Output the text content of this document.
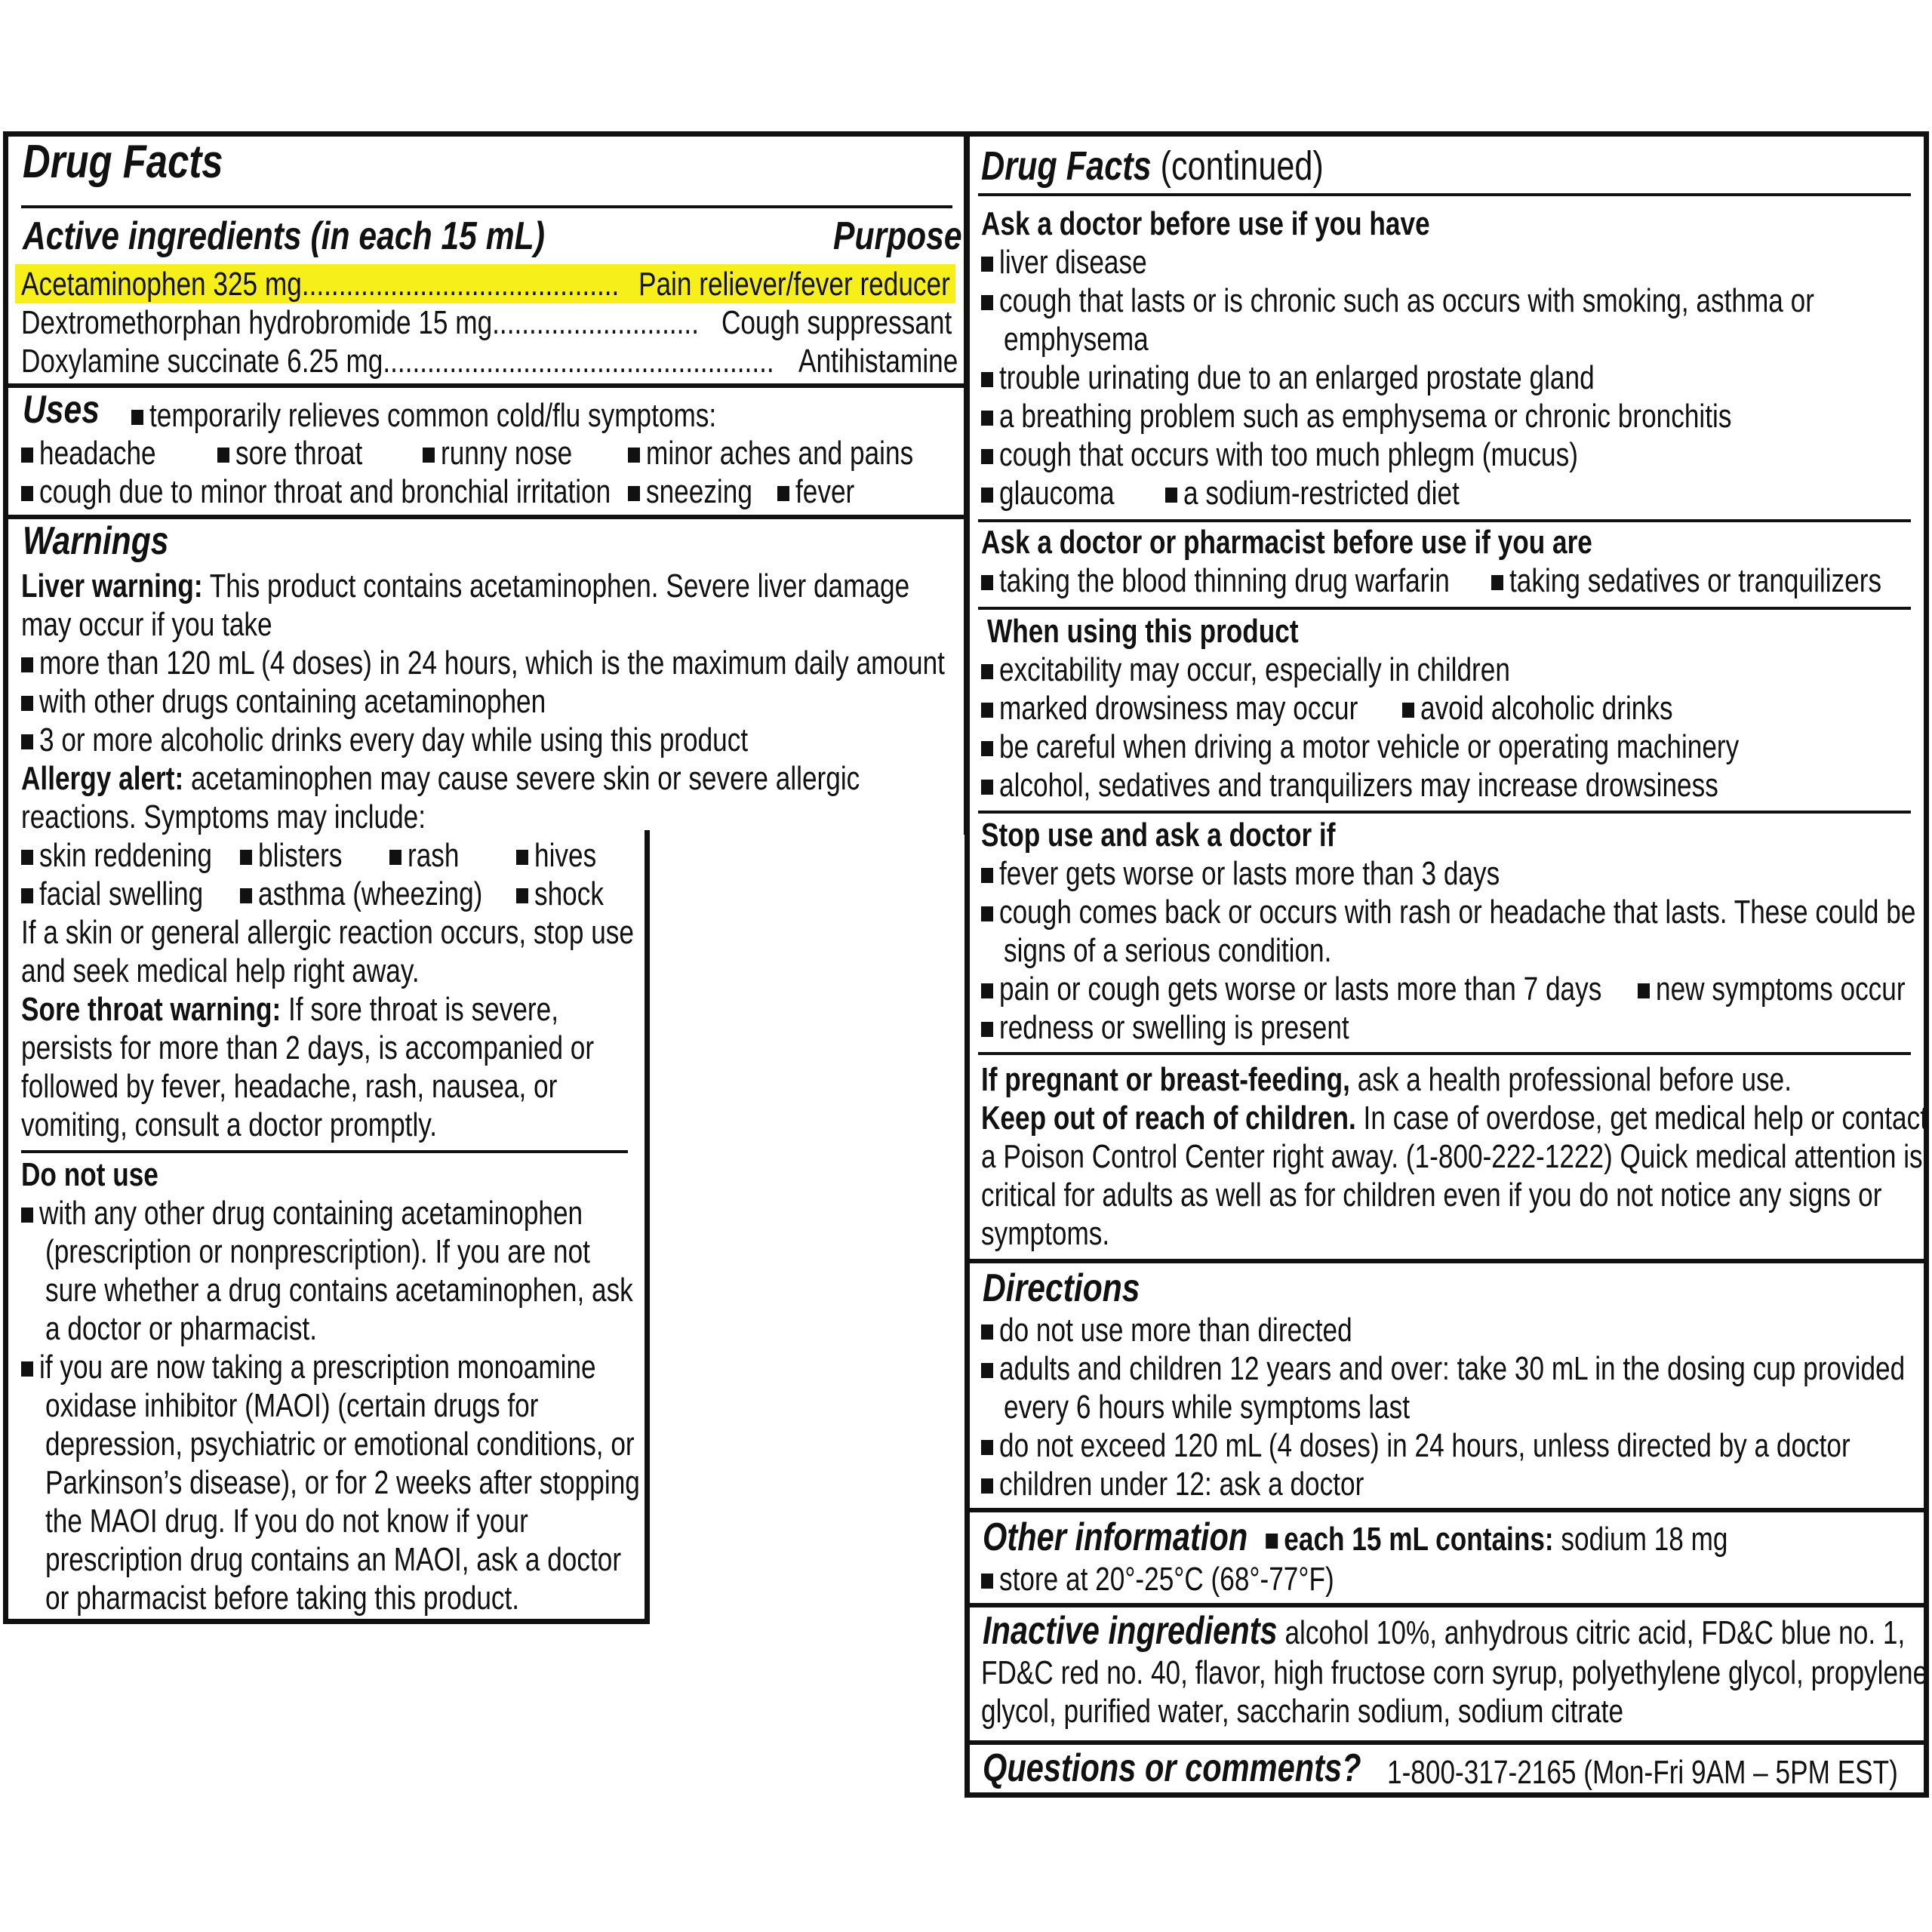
Drug Facts
Active ingredients (in each 15 mL)	Purpose
Acetaminophen 325 mg........................................... Pain reliever/fever reducer
Dextromethorphan hydrobromide 15 mg............................ Cough suppressant
Doxylamine succinate 6.25 mg..................................................... Antihistamine
Uses	temporarily relieves common cold/flu symptoms:
headache	sore throat	runny nose	minor aches and pains
cough due to minor throat and bronchial irritation	sneezing	fever
Warnings
Liver warning: This product contains acetaminophen. Severe liver damage
may occur if you take
more than 120 mL (4 doses) in 24 hours, which is the maximum daily amount
with other drugs containing acetaminophen
3 or more alcoholic drinks every day while using this product
Allergy alert: acetaminophen may cause severe skin or severe allergic
reactions. Symptoms may include:
skin reddening	blisters	rash	hives
facial swelling	asthma (wheezing)	shock
If a skin or general allergic reaction occurs, stop use
and seek medical help right away.
Sore throat warning: If sore throat is severe,
persists for more than 2 days, is accompanied or
followed by fever, headache, rash, nausea, or
vomiting, consult a doctor promptly.
Do not use
with any other drug containing acetaminophen
(prescription or nonprescription). If you are not
sure whether a drug contains acetaminophen, ask
a doctor or pharmacist.
if you are now taking a prescription monoamine
oxidase inhibitor (MAOI) (certain drugs for
depression, psychiatric or emotional conditions, or
Parkinson’s disease), or for 2 weeks after stopping
the MAOI drug. If you do not know if your
prescription drug contains an MAOI, ask a doctor
or pharmacist before taking this product.
Drug Facts (continued)
Ask a doctor before use if you have
liver disease
cough that lasts or is chronic such as occurs with smoking, asthma or
emphysema
trouble urinating due to an enlarged prostate gland
a breathing problem such as emphysema or chronic bronchitis
cough that occurs with too much phlegm (mucus)
glaucoma	a sodium-restricted diet
Ask a doctor or pharmacist before use if you are
taking the blood thinning drug warfarin	taking sedatives or tranquilizers
When using this product
excitability may occur, especially in children
marked drowsiness may occur	avoid alcoholic drinks
be careful when driving a motor vehicle or operating machinery
alcohol, sedatives and tranquilizers may increase drowsiness
Stop use and ask a doctor if
fever gets worse or lasts more than 3 days
cough comes back or occurs with rash or headache that lasts. These could be
signs of a serious condition.
pain or cough gets worse or lasts more than 7 days	new symptoms occur
redness or swelling is present
If pregnant or breast-feeding, ask a health professional before use.
Keep out of reach of children. In case of overdose, get medical help or contact
a Poison Control Center right away. (1-800-222-1222) Quick medical attention is
critical for adults as well as for children even if you do not notice any signs or
symptoms.
Directions
do not use more than directed
adults and children 12 years and over: take 30 mL in the dosing cup provided
every 6 hours while symptoms last
do not exceed 120 mL (4 doses) in 24 hours, unless directed by a doctor
children under 12: ask a doctor
Other information each 15 mL contains: sodium 18 mg
store at 20°-25°C (68°-77°F)
Inactive ingredients alcohol 10%, anhydrous citric acid, FD&C blue no. 1,
FD&C red no. 40, flavor, high fructose corn syrup, polyethylene glycol, propylene
glycol, purified water, saccharin sodium, sodium citrate
Questions or comments? 1-800-317-2165 (Mon-Fri 9AM – 5PM EST)
